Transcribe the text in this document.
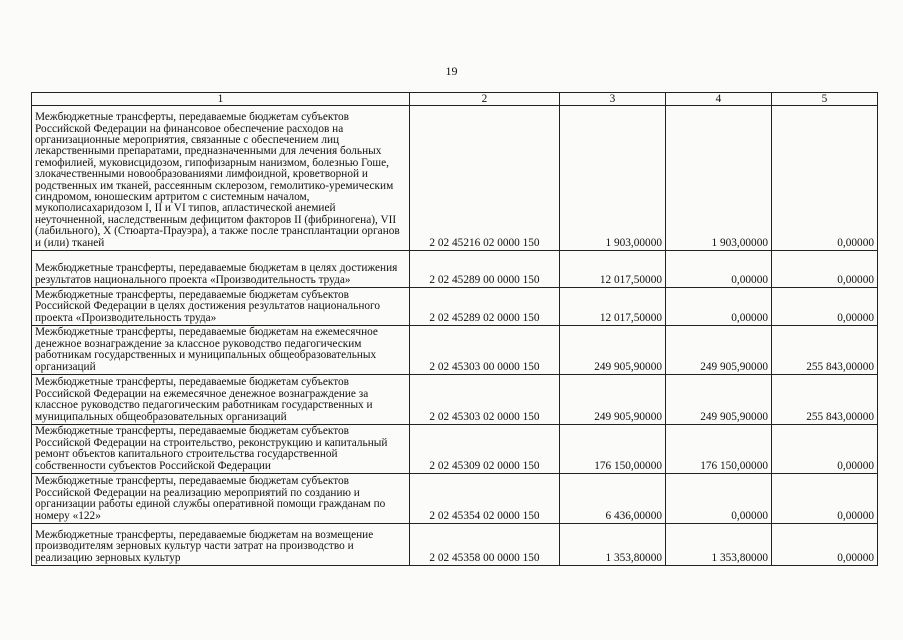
19
1	2	3	4	5
Межбюджетные трансферты, передаваемые бюджетам субъектов Российской Федерации на финансовое обеспечение расходов на организационные мероприятия, связанные с обеспечением лиц лекарственными препаратами, предназначенными для лечения больных гемофилией, муковисцидозом, гипофизарным нанизмом, болезнью Гоше, злокачественными новообразованиями лимфоидной, кроветворной и родственных им тканей, рассеянным склерозом, гемолитико-уремическим синдромом, юношеским артритом с системным началом, мукополисахаридозом I, II и VI типов, апластической анемией неуточненной, наследственным дефицитом факторов II (фибриногена), VII (лабильного), X (Стюарта-Прауэра), а также после трансплантации органов и (или) тканей	2 02 45216 02 0000 150	1 903,00000	1 903,00000	0,00000
Межбюджетные трансферты, передаваемые бюджетам в целях достижения результатов национального проекта «Производительность труда»	2 02 45289 00 0000 150	12 017,50000	0,00000	0,00000
Межбюджетные трансферты, передаваемые бюджетам субъектов Российской Федерации в целях достижения результатов национального проекта «Производительность труда»	2 02 45289 02 0000 150	12 017,50000	0,00000	0,00000
Межбюджетные трансферты, передаваемые бюджетам на ежемесячное денежное вознаграждение за классное руководство педагогическим работникам государственных и муниципальных общеобразовательных организаций	2 02 45303 00 0000 150	249 905,90000	249 905,90000	255 843,00000
Межбюджетные трансферты, передаваемые бюджетам субъектов Российской Федерации на ежемесячное денежное вознаграждение за классное руководство педагогическим работникам государственных и муниципальных общеобразовательных организаций	2 02 45303 02 0000 150	249 905,90000	249 905,90000	255 843,00000
Межбюджетные трансферты, передаваемые бюджетам субъектов Российской Федерации на строительство, реконструкцию и капитальный ремонт объектов капитального строительства государственной собственности субъектов Российской Федерации	2 02 45309 02 0000 150	176 150,00000	176 150,00000	0,00000
Межбюджетные трансферты, передаваемые бюджетам субъектов Российской Федерации на реализацию мероприятий по созданию и организации работы единой службы оперативной помощи гражданам по номеру «122»	2 02 45354 02 0000 150	6 436,00000	0,00000	0,00000
Межбюджетные трансферты, передаваемые бюджетам на возмещение производителям зерновых культур части затрат на производство и реализацию зерновых культур	2 02 45358 00 0000 150	1 353,80000	1 353,80000	0,00000
